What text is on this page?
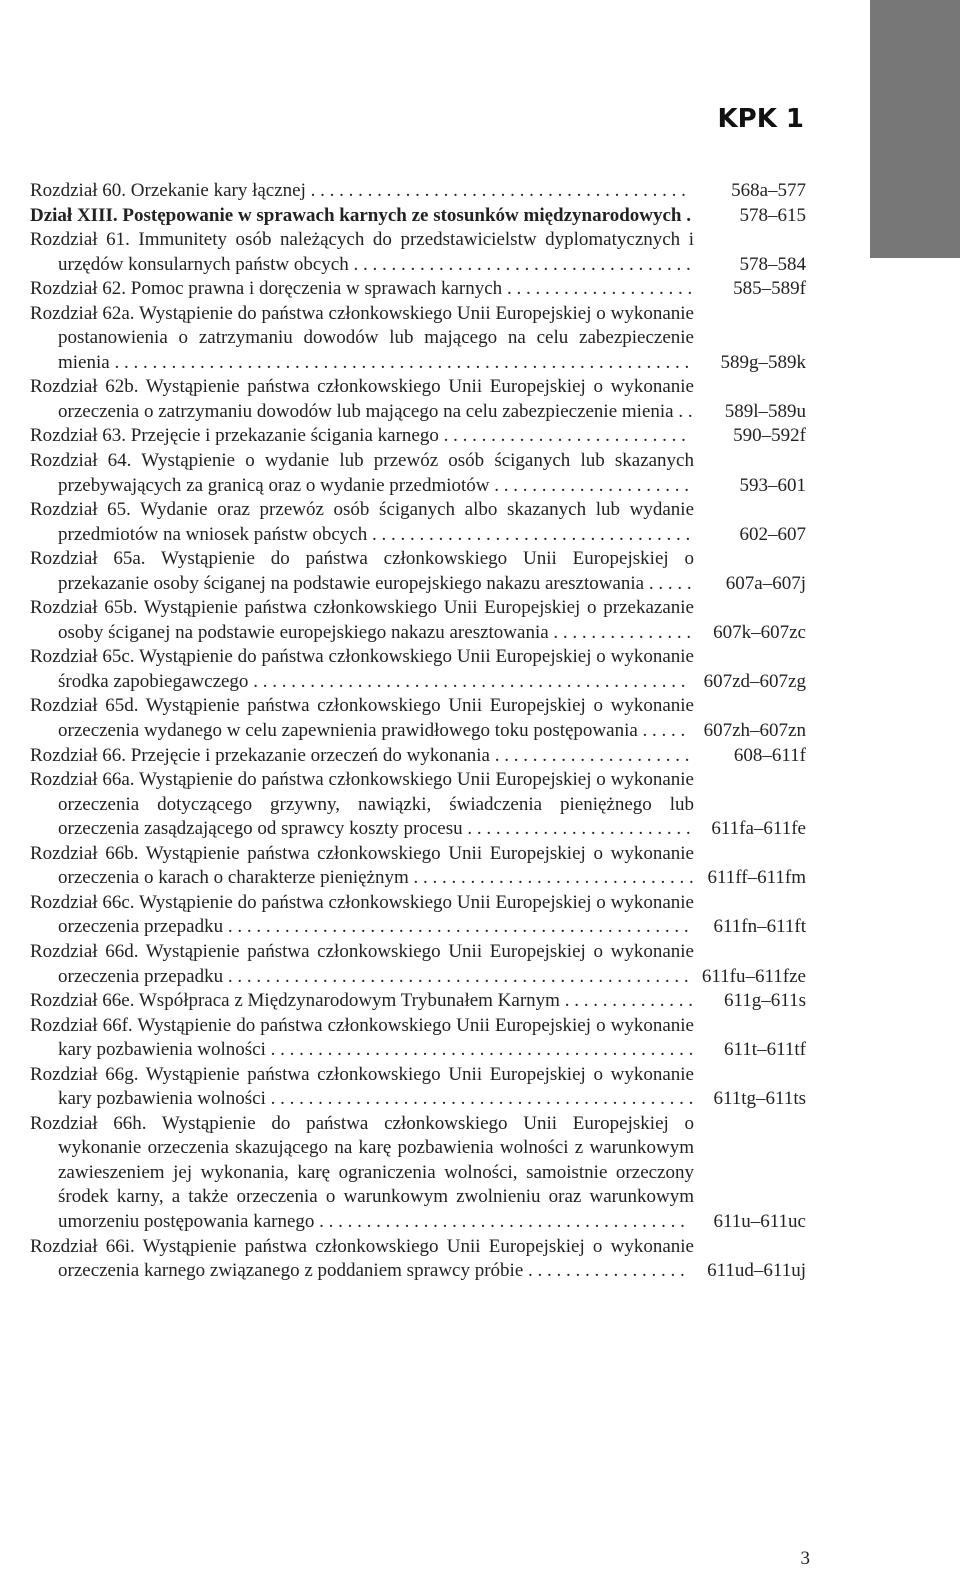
KPK 1
Rozdział 60. Orzekanie kary łącznej . . . . . . . . . . . . . . . . . . . . . . . . . . . . . . . . . . . . . . . .	568a–577
Dział XIII. Postępowanie w sprawach karnych ze stosunków międzynarodowych .	578–615
Rozdział 61. Immunitety osób należących do przedstawicielstw dyplomatycznych i urzędów konsularnych państw obcych . . . . . . . . . . . . . . . . . . . . . . . . . . . . . . . . . . . .	578–584
Rozdział 62. Pomoc prawna i doręczenia w sprawach karnych . . . . . . . . . . . . . . . . . . . . 585–589f
Rozdział 62a. Wystąpienie do państwa członkowskiego Unii Europejskiej o wykonanie postanowienia o zatrzymaniu dowodów lub mającego na celu zabezpieczenie mienia . . . . . . . . . . . . . . . . . . . . . . . . . . . . . . . . . . . . . . . . . . . . . . . . . . . . . . . . . . . . . 589g–589k
Rozdział 62b. Wystąpienie państwa członkowskiego Unii Europejskiej o wykonanie orzeczenia o zatrzymaniu dowodów lub mającego na celu zabezpieczenie mienia . . 589l–589u
Rozdział 63. Przejęcie i przekazanie ścigania karnego . . . . . . . . . . . . . . . . . . . . . . . . . .	590–592f
Rozdział 64. Wystąpienie o wydanie lub przewóz osób ściganych lub skazanych przebywających za granicą oraz o wydanie przedmiotów . . . . . . . . . . . . . . . . . . . . .	593–601
Rozdział 65. Wydanie oraz przewóz osób ściganych albo skazanych lub wydanie przedmiotów na wniosek państw obcych . . . . . . . . . . . . . . . . . . . . . . . . . . . . . . . . . .	602–607
Rozdział 65a. Wystąpienie do państwa członkowskiego Unii Europejskiej o przekazanie osoby ściganej na podstawie europejskiego nakazu aresztowania . . . . . 607a–607j
Rozdział 65b. Wystąpienie państwa członkowskiego Unii Europejskiej o przekazanie osoby ściganej na podstawie europejskiego nakazu aresztowania . . . . . . . . . . . . . . . 607k–607zc
Rozdział 65c. Wystąpienie do państwa członkowskiego Unii Europejskiej o wykonanie środka zapobiegawczego . . . . . . . . . . . . . . . . . . . . . . . . . . . . . . . . . . . . . . . . . . . . . . 607zd–607zg
Rozdział 65d. Wystąpienie państwa członkowskiego Unii Europejskiej o wykonanie orzeczenia wydanego w celu zapewnienia prawidłowego toku postępowania . . . . . 607zh–607zn
Rozdział 66. Przejęcie i przekazanie orzeczeń do wykonania . . . . . . . . . . . . . . . . . . . . . 608–611f
Rozdział 66a. Wystąpienie do państwa członkowskiego Unii Europejskiej o wykonanie orzeczenia dotyczącego grzywny, nawiązki, świadczenia pieniężnego lub orzeczenia zasądzającego od sprawcy koszty procesu . . . . . . . . . . . . . . . . . . . . . . . . 611fa–611fe
Rozdział 66b. Wystąpienie państwa członkowskiego Unii Europejskiej o wykonanie orzeczenia o karach o charakterze pieniężnym . . . . . . . . . . . . . . . . . . . . . . . . . . . . . . 611ff–611fm
Rozdział 66c. Wystąpienie do państwa członkowskiego Unii Europejskiej o wykonanie orzeczenia przepadku . . . . . . . . . . . . . . . . . . . . . . . . . . . . . . . . . . . . . . . . . . . . . . . . . 611fn–611ft
Rozdział 66d. Wystąpienie państwa członkowskiego Unii Europejskiej o wykonanie orzeczenia przepadku . . . . . . . . . . . . . . . . . . . . . . . . . . . . . . . . . . . . . . . . . . . . . . . . . 611fu–611fze
Rozdział 66e. Współpraca z Międzynarodowym Trybunałem Karnym . . . . . . . . . . . . . . 611g–611s
Rozdział 66f. Wystąpienie do państwa członkowskiego Unii Europejskiej o wykonanie kary pozbawienia wolności . . . . . . . . . . . . . . . . . . . . . . . . . . . . . . . . . . . . . . . . . . . . . 611t–611tf
Rozdział 66g. Wystąpienie państwa członkowskiego Unii Europejskiej o wykonanie kary pozbawienia wolności . . . . . . . . . . . . . . . . . . . . . . . . . . . . . . . . . . . . . . . . . . . . . 611tg–611ts
Rozdział 66h. Wystąpienie do państwa członkowskiego Unii Europejskiej o wykonanie orzeczenia skazującego na karę pozbawienia wolności z warunkowym zawieszeniem jej wykonania, karę ograniczenia wolności, samoistnie orzeczony środek karny, a także orzeczenia o warunkowym zwolnieniu oraz warunkowym umorzeniu postępowania karnego . . . . . . . . . . . . . . . . . . . . . . . . . . . . . . . . . . . . . . .	611u–611uc
Rozdział 66i. Wystąpienie państwa członkowskiego Unii Europejskiej o wykonanie orzeczenia karnego związanego z poddaniem sprawcy próbie . . . . . . . . . . . . . . . . .	611ud–611uj
3
